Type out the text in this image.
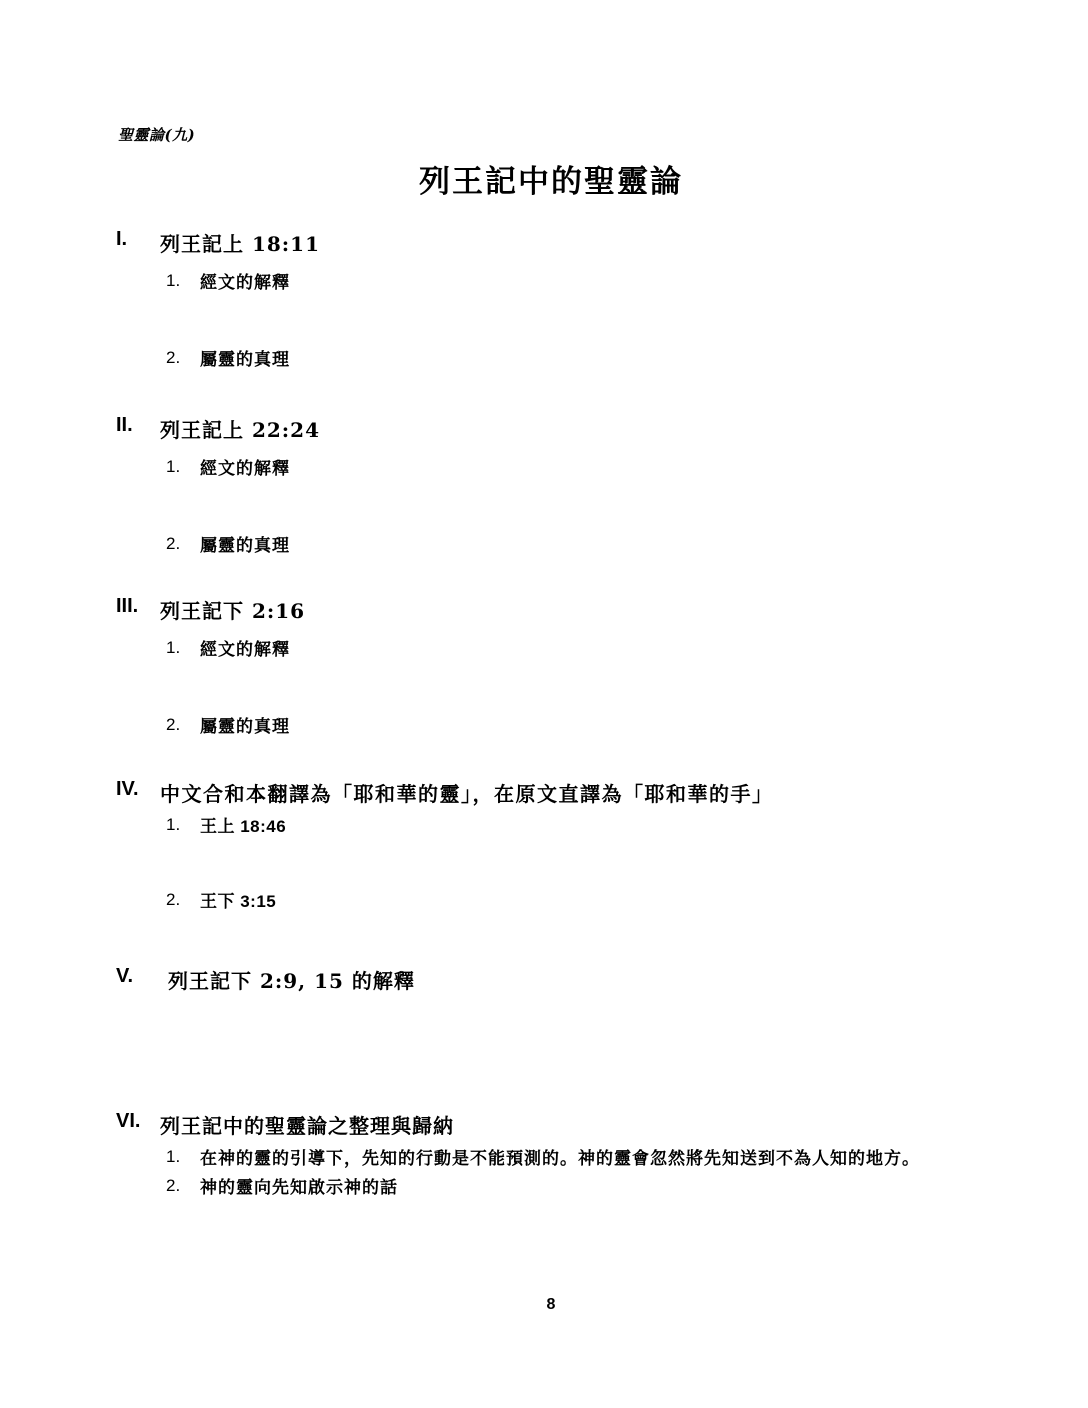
聖靈論(九)
列王記中的聖靈論
I.	列王記上 18:11
1.	經文的解釋
2.	屬靈的真理
II.	列王記上 22:24
1.	經文的解釋
2.	屬靈的真理
III.	列王記下 2:16
1.	經文的解釋
2.	屬靈的真理
IV.	中文合和本翻譯為「耶和華的靈」，在原文直譯為「耶和華的手」
1.	王上 18:46
2.	王下 3:15
V.	列王記下 2:9, 15 的解釋
VI. 列王記中的聖靈論之整理與歸納
1.	在神的靈的引導下，先知的行動是不能預測的。神的靈會忽然將先知送到不為人知的地方。
2.	神的靈向先知啟示神的話
8
